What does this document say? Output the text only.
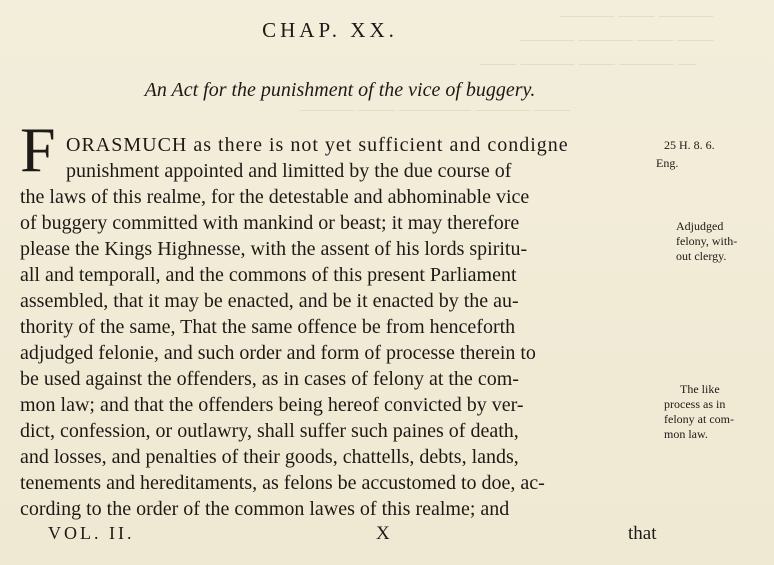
——— —— ———
——— ——— —— ——
—— ——— —— ——— —
——— —— ———— ——— ——
CHAP. XX.
An Act for the punishment of the vice of buggery.
F ORASMUCH as there is not yet sufficient and condigne
punishment appointed and limitted by the due course of
the laws of this realme, for the detestable and abhominable vice
of buggery committed with mankind or beast; it may therefore
please the Kings Highnesse, with the assent of his lords spiritu-
all and temporall, and the commons of this present Parliament
assembled, that it may be enacted, and be it enacted by the au-
thority of the same, That the same offence be from henceforth
adjudged felonie, and such order and form of processe therein to
be used against the offenders, as in cases of felony at the com-
mon law; and that the offenders being hereof convicted by ver-
dict, confession, or outlawry, shall suffer such paines of death,
and losses, and penalties of their goods, chattells, debts, lands,
tenements and hereditaments, as felons be accustomed to doe, ac-
cording to the order of the common lawes of this realme; and
25 H. 8. 6.
Eng.
Adjudged
felony, with-
out clergy.
The like
process as in
felony at com-
mon law.
VOL. II.	X	that
